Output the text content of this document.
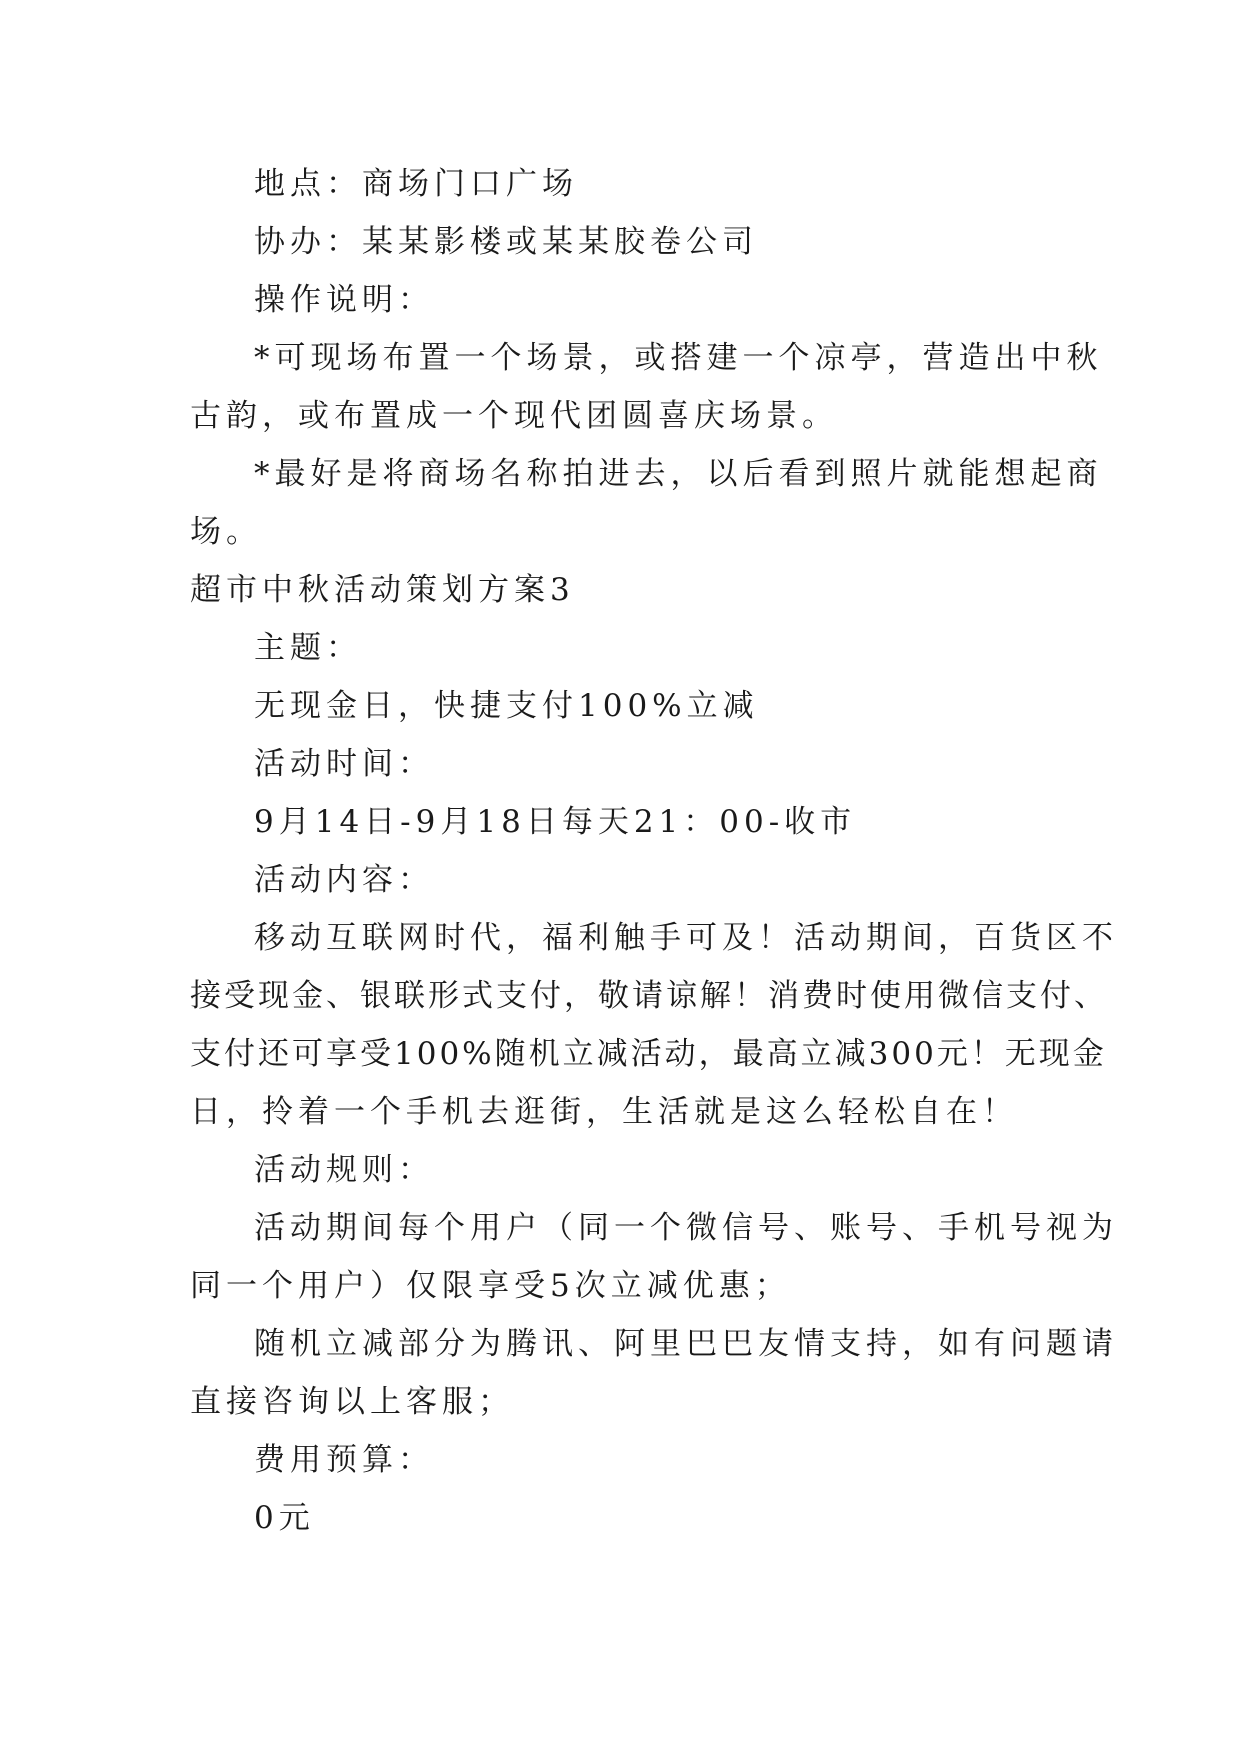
地点：商场门口广场
协办：某某影楼或某某胶卷公司
操作说明：
*可现场布置一个场景，或搭建一个凉亭，营造出中秋
古韵，或布置成一个现代团圆喜庆场景。
*最好是将商场名称拍进去，以后看到照片就能想起商
场。
超市中秋活动策划方案3
主题：
无现金日，快捷支付100%立减
活动时间：
9月14日-9月18日每天21：00-收市
活动内容：
移动互联网时代，福利触手可及！活动期间，百货区不
接受现金、银联形式支付，敬请谅解！消费时使用微信支付、
支付还可享受100%随机立减活动，最高立减300元！无现金
日，拎着一个手机去逛街，生活就是这么轻松自在！
活动规则：
活动期间每个用户（同一个微信号、账号、手机号视为
同一个用户）仅限享受5次立减优惠；
随机立减部分为腾讯、阿里巴巴友情支持，如有问题请
直接咨询以上客服；
费用预算：
0元
